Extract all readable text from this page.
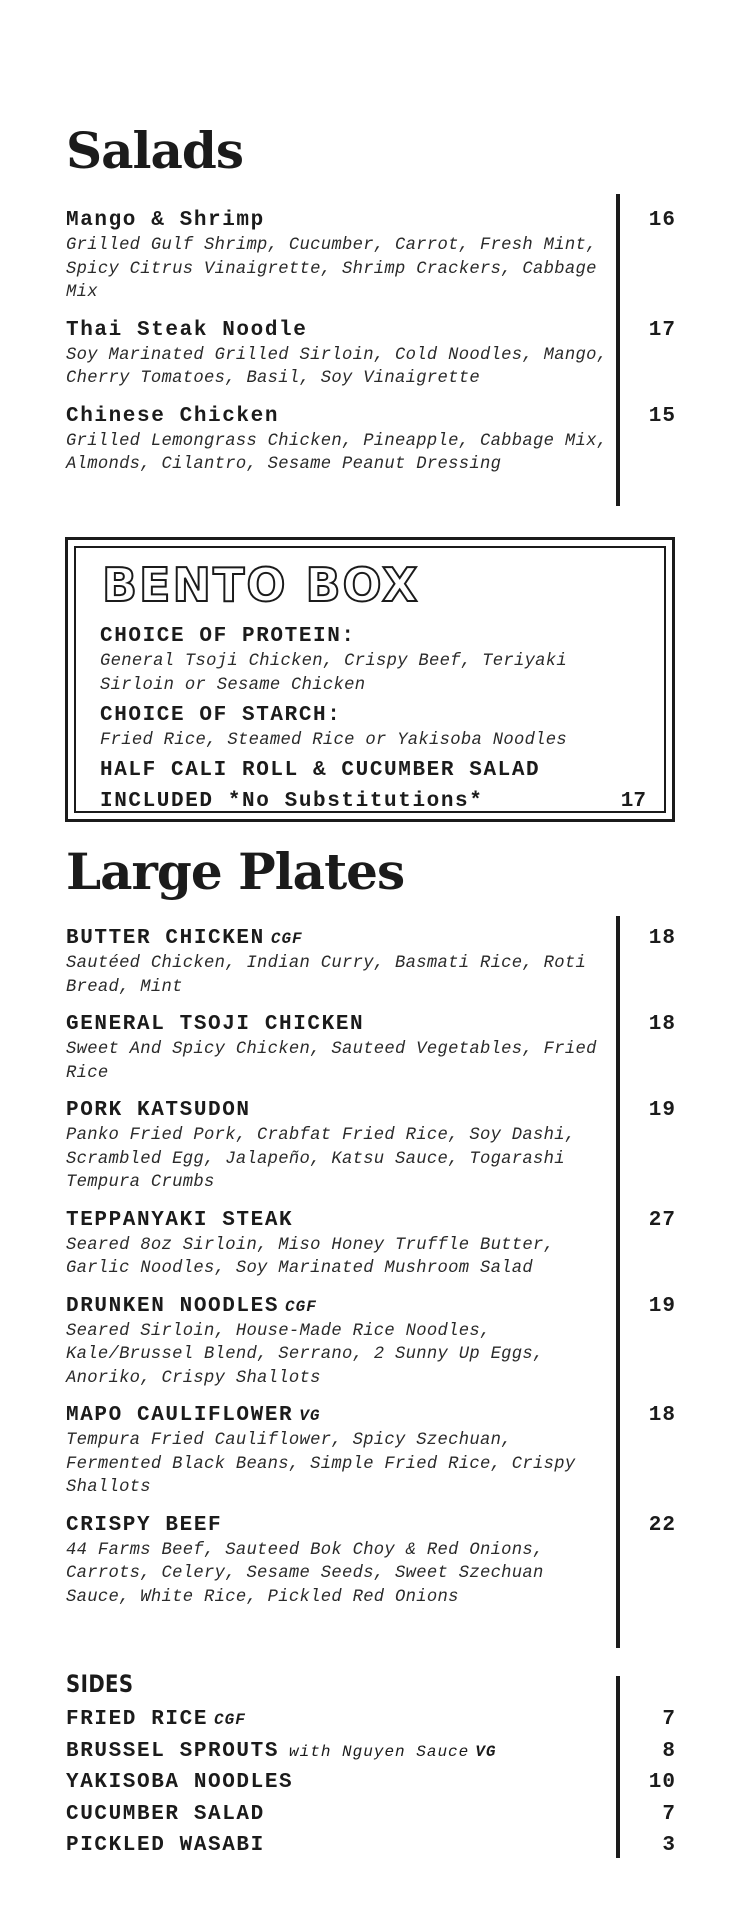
Salads
Mango & Shrimp
Grilled Gulf Shrimp, Cucumber, Carrot, Fresh Mint, Spicy Citrus Vinaigrette, Shrimp Crackers, Cabbage Mix
16
Thai Steak Noodle
Soy Marinated Grilled Sirloin, Cold Noodles, Mango, Cherry Tomatoes, Basil, Soy Vinaigrette
17
Chinese Chicken
Grilled Lemongrass Chicken, Pineapple, Cabbage Mix, Almonds, Cilantro, Sesame Peanut Dressing
15
BENTO BOX
CHOICE OF PROTEIN:
General Tsoji Chicken, Crispy Beef, Teriyaki Sirloin or Sesame Chicken
CHOICE OF STARCH:
Fried Rice, Steamed Rice or Yakisoba Noodles
HALF CALI ROLL & CUCUMBER SALAD
INCLUDED *No Substitutions*	17
Large Plates
BUTTER CHICKEN CGF
Sautéed Chicken, Indian Curry, Basmati Rice, Roti Bread, Mint
18
GENERAL TSOJI CHICKEN
Sweet And Spicy Chicken, Sauteed Vegetables, Fried Rice
18
PORK KATSUDON
Panko Fried Pork, Crabfat Fried Rice, Soy Dashi, Scrambled Egg, Jalapeño, Katsu Sauce, Togarashi Tempura Crumbs
19
TEPPANYAKI STEAK
Seared 8oz Sirloin, Miso Honey Truffle Butter, Garlic Noodles, Soy Marinated Mushroom Salad
27
DRUNKEN NOODLES CGF
Seared Sirloin, House-Made Rice Noodles, Kale/Brussel Blend, Serrano, 2 Sunny Up Eggs, Anoriko, Crispy Shallots
19
MAPO CAULIFLOWER VG
Tempura Fried Cauliflower, Spicy Szechuan, Fermented Black Beans, Simple Fried Rice, Crispy Shallots
18
CRISPY BEEF
44 Farms Beef, Sauteed Bok Choy & Red Onions, Carrots, Celery, Sesame Seeds, Sweet Szechuan Sauce, White Rice, Pickled Red Onions
22
SIDES
FRIED RICE CGF	7
BRUSSEL SPROUTS with Nguyen Sauce VG	8
YAKISOBA NOODLES	10
CUCUMBER SALAD	7
PICKLED WASABI	3
